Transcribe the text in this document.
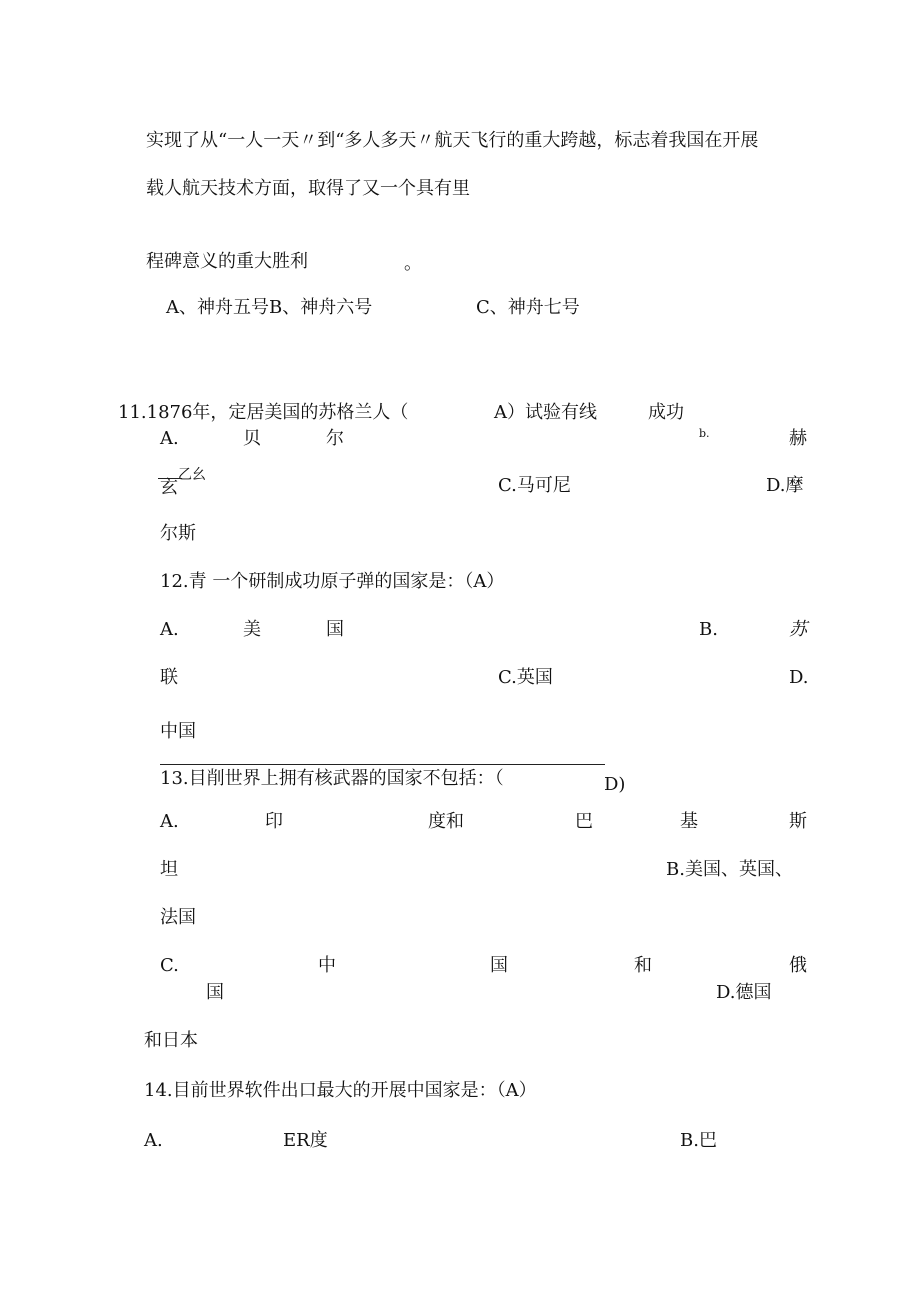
实现了从“一人一天〃到“多人多天〃航天飞行的重大跨越，标志着我国在开展
载人航天技术方面，取得了又一个具有里
程碑意义的重大胜利	。
A、神舟五号B、神舟六号	C、神舟七号
11.1876年，定居美国的苏格兰人（	A）试验有线	成功
A.	贝	尔	b.	赫
乙幺
玄	C.马可尼	D.摩
尔斯
12.青 一个研制成功原子弹的国家是：（A）
A.	美	国	B.	苏
联	C.英国	D.
中国
13.目削世界上拥有核武器的国家不包括：（	D)
A.	印	度和	巴	基	斯
坦	B.美国、英国、
法国
C.	中	国	和	俄
国	D.德国
和日本
14.目前世界软件出口最大的开展中国家是：（A）
A.	ER度	B.巴
